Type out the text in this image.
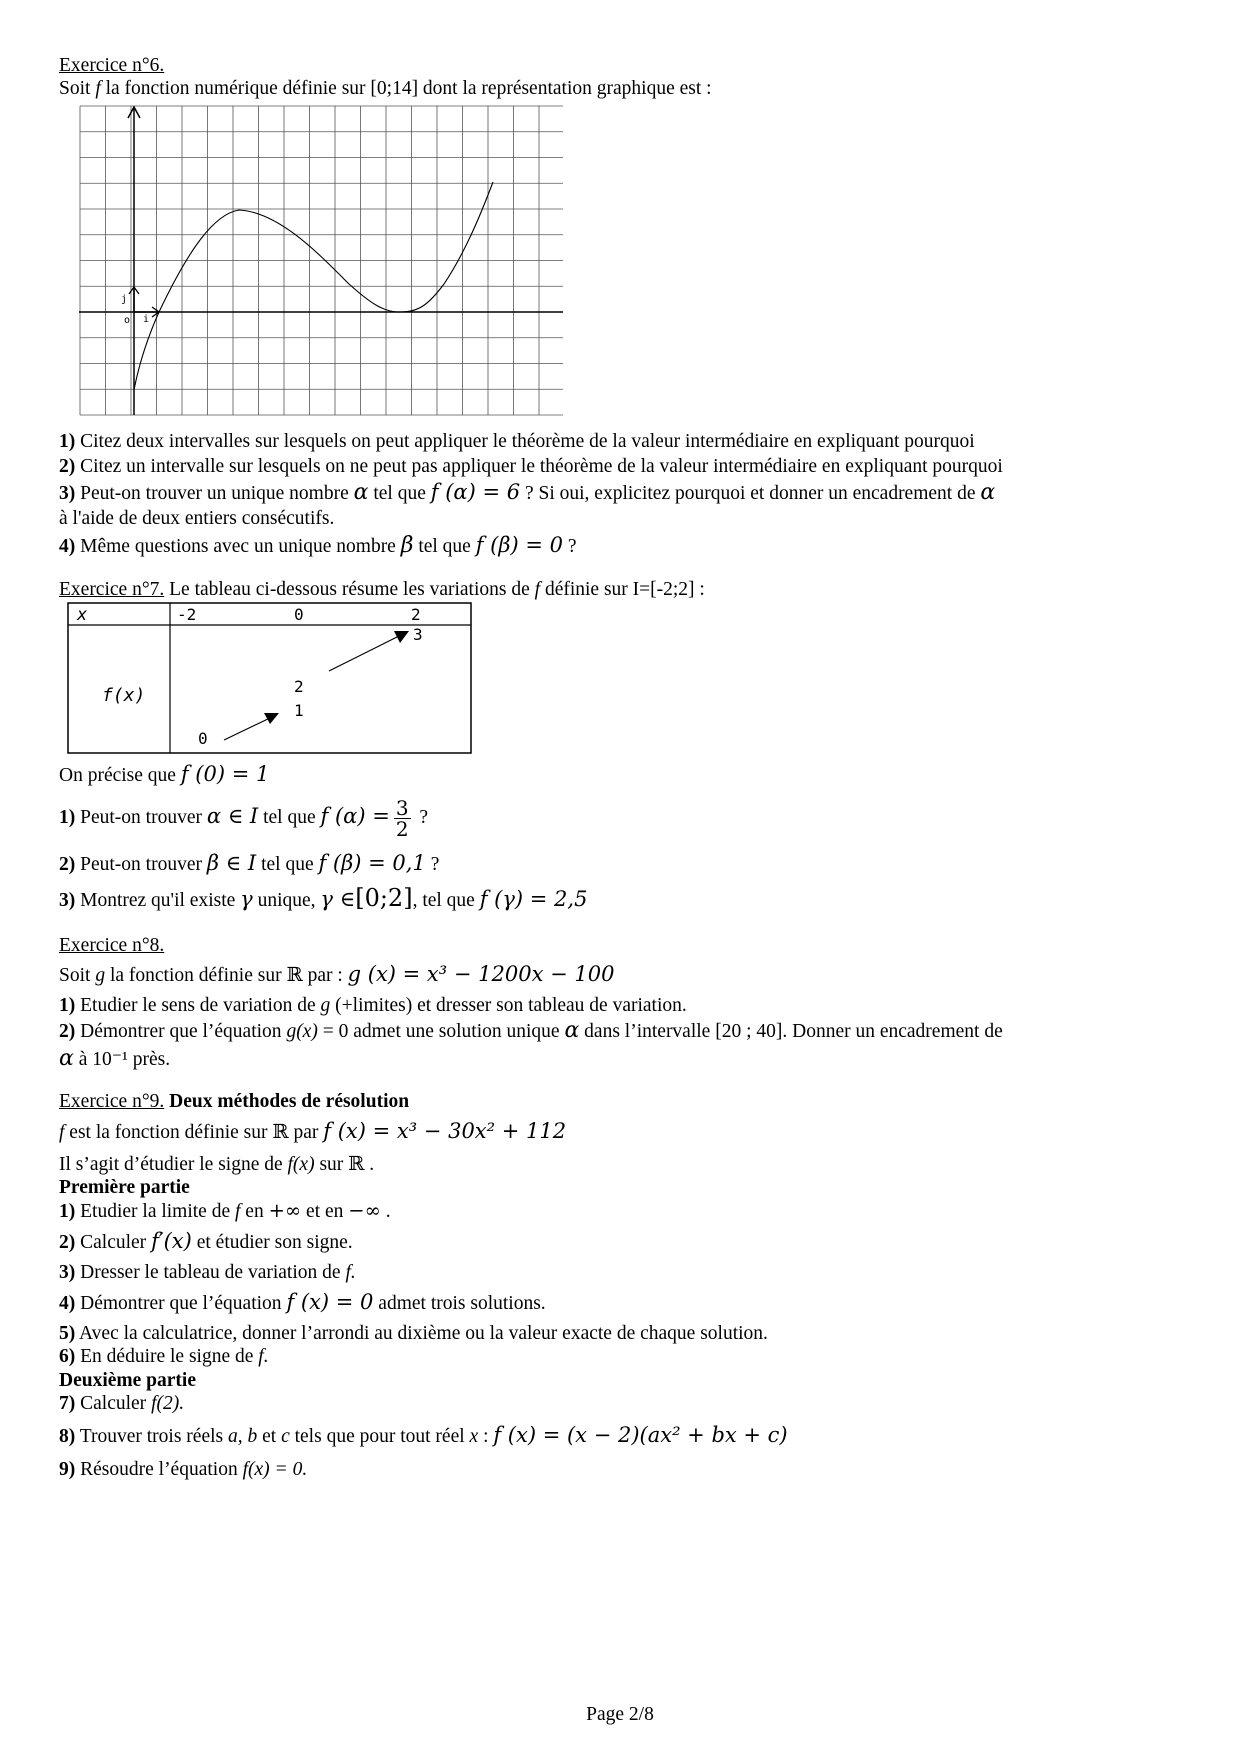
Exercice n°6.
Soit f la fonction numérique définie sur [0;14] dont la représentation graphique est :
j
o i
1) Citez deux intervalles sur lesquels on peut appliquer le théorème de la valeur intermédiaire en expliquant pourquoi
2) Citez un intervalle sur lesquels on ne peut pas appliquer le théorème de la valeur intermédiaire en expliquant pourquoi
3) Peut-on trouver un unique nombre α tel que f (α) = 6 ? Si oui, explicitez pourquoi et donner un encadrement de α
à l'aide de deux entiers consécutifs.
4) Même questions avec un unique nombre β tel que f (β) = 0 ?
Exercice n°7. Le tableau ci-dessous résume les variations de f définie sur I=[-2;2] :
x
f(x)
-2	0	2
0
1
2
3
On précise que f (0) = 1
1) Peut-on trouver α ∈ I tel que f $(\alpha) = \frac{3}{2}$ ?
2) Peut-on trouver β ∈ I tel que f (β) = 0,1 ?
3) Montrez qu'il existe γ unique, γ ∈[0;2], tel que f (γ) = 2,5
Exercice n°8.
Soit g la fonction définie sur ℝ par : g (x) = x³ − 1200x − 100
1) Etudier le sens de variation de g (+limites) et dresser son tableau de variation.
2) Démontrer que l’équation g(x) = 0 admet une solution unique α dans l’intervalle [20 ; 40]. Donner un encadrement de
α à 10⁻¹ près.
Exercice n°9. Deux méthodes de résolution
f est la fonction définie sur ℝ par f (x) = x³ − 30x² + 112
Il s’agit d’étudier le signe de f(x) sur ℝ .
Première partie
1) Etudier la limite de f en +∞ et en −∞ .
2) Calculer f′(x) et étudier son signe.
3) Dresser le tableau de variation de f.
4) Démontrer que l’équation f (x) = 0 admet trois solutions.
5) Avec la calculatrice, donner l’arrondi au dixième ou la valeur exacte de chaque solution.
6) En déduire le signe de f.
Deuxième partie
7) Calculer f(2).
8) Trouver trois réels a, b et c tels que pour tout réel x : f (x) = (x − 2)(ax² + bx + c)
9) Résoudre l’équation f(x) = 0.
Page 2/8
